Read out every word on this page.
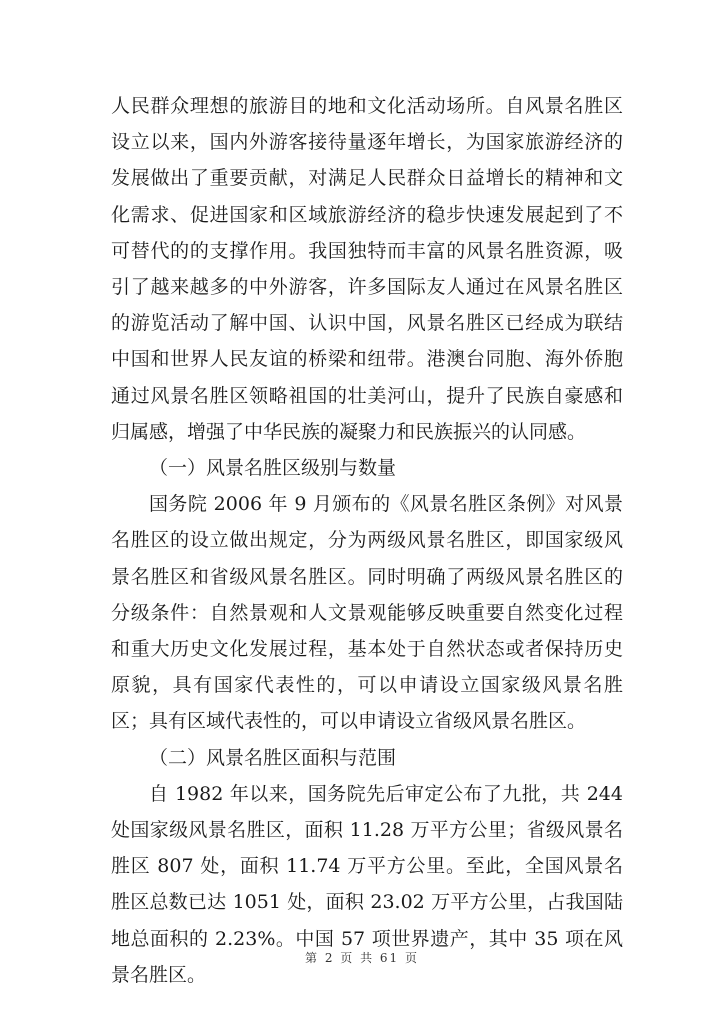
人民群众理想的旅游目的地和文化活动场所。自风景名胜区设立以来，国内外游客接待量逐年增长，为国家旅游经济的发展做出了重要贡献，对满足人民群众日益增长的精神和文化需求、促进国家和区域旅游经济的稳步快速发展起到了不可替代的的支撑作用。我国独特而丰富的风景名胜资源，吸引了越来越多的中外游客，许多国际友人通过在风景名胜区的游览活动了解中国、认识中国，风景名胜区已经成为联结中国和世界人民友谊的桥梁和纽带。港澳台同胞、海外侨胞通过风景名胜区领略祖国的壮美河山，提升了民族自豪感和归属感，增强了中华民族的凝聚力和民族振兴的认同感。

（一）风景名胜区级别与数量

国务院 2006 年 9 月颁布的《风景名胜区条例》对风景名胜区的设立做出规定，分为两级风景名胜区，即国家级风景名胜区和省级风景名胜区。同时明确了两级风景名胜区的分级条件：自然景观和人文景观能够反映重要自然变化过程和重大历史文化发展过程，基本处于自然状态或者保持历史原貌，具有国家代表性的，可以申请设立国家级风景名胜区；具有区域代表性的，可以申请设立省级风景名胜区。

（二）风景名胜区面积与范围

自 1982 年以来，国务院先后审定公布了九批，共 244 处国家级风景名胜区，面积 11.28 万平方公里；省级风景名胜区 807 处，面积 11.74 万平方公里。至此，全国风景名胜区总数已达 1051 处，面积 23.02 万平方公里，占我国陆地总面积的 2.23%。中国 57 项世界遗产，其中 35 项在风景名胜区。

第 2 页 共 61 页
